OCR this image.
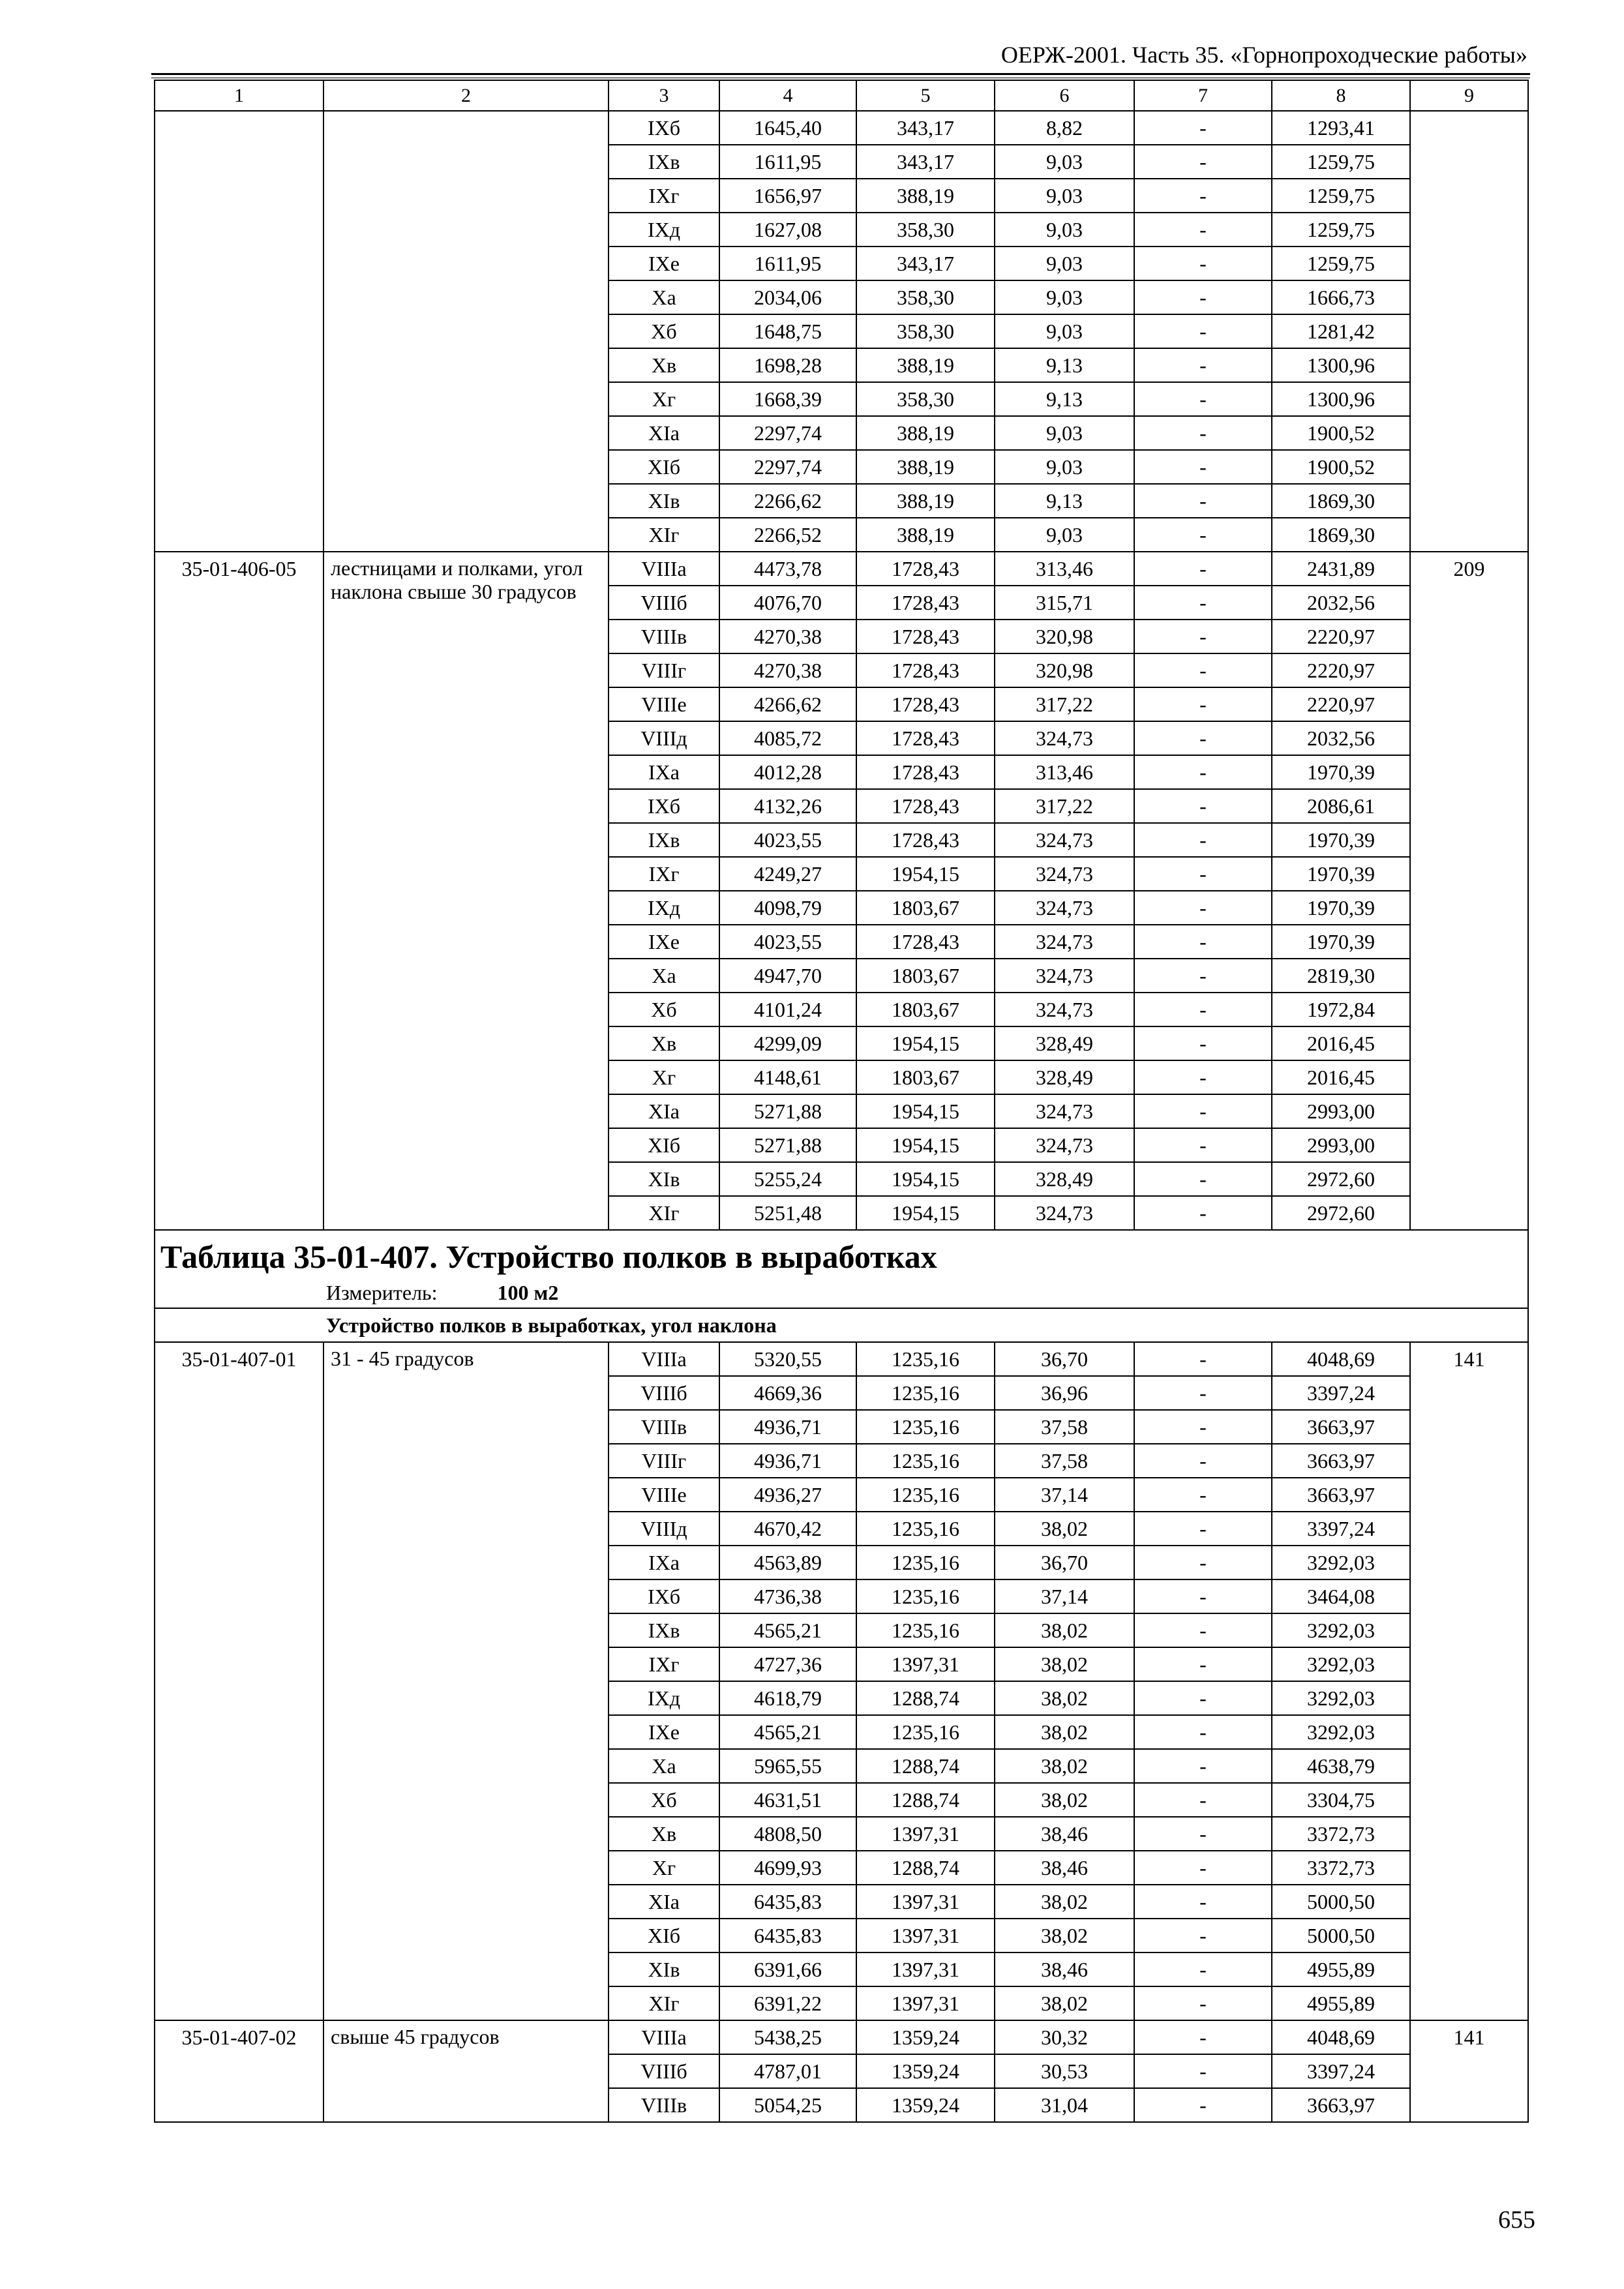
ОЕРЖ-2001. Часть 35. «Горнопроходческие работы»
1	2	3	4	5	6	7	8	9
		IXб	1645,40	343,17	8,82	-	1293,41	
		IXв	1611,95	343,17	9,03	-	1259,75	
		IXг	1656,97	388,19	9,03	-	1259,75	
		IXд	1627,08	358,30	9,03	-	1259,75	
		IXе	1611,95	343,17	9,03	-	1259,75	
		Xа	2034,06	358,30	9,03	-	1666,73	
		Xб	1648,75	358,30	9,03	-	1281,42	
		Xв	1698,28	388,19	9,13	-	1300,96	
		Xг	1668,39	358,30	9,13	-	1300,96	
		XIа	2297,74	388,19	9,03	-	1900,52	
		XIб	2297,74	388,19	9,03	-	1900,52	
		XIв	2266,62	388,19	9,13	-	1869,30	
		XIг	2266,52	388,19	9,03	-	1869,30	
35-01-406-05	лестницами и полками, угол наклона свыше 30 градусов	VIIIа	4473,78	1728,43	313,46	-	2431,89	209
		VIIIб	4076,70	1728,43	315,71	-	2032,56	
		VIIIв	4270,38	1728,43	320,98	-	2220,97	
		VIIIг	4270,38	1728,43	320,98	-	2220,97	
		VIIIе	4266,62	1728,43	317,22	-	2220,97	
		VIIIд	4085,72	1728,43	324,73	-	2032,56	
		IXа	4012,28	1728,43	313,46	-	1970,39	
		IXб	4132,26	1728,43	317,22	-	2086,61	
		IXв	4023,55	1728,43	324,73	-	1970,39	
		IXг	4249,27	1954,15	324,73	-	1970,39	
		IXд	4098,79	1803,67	324,73	-	1970,39	
		IXе	4023,55	1728,43	324,73	-	1970,39	
		Xа	4947,70	1803,67	324,73	-	2819,30	
		Xб	4101,24	1803,67	324,73	-	1972,84	
		Xв	4299,09	1954,15	328,49	-	2016,45	
		Xг	4148,61	1803,67	328,49	-	2016,45	
		XIа	5271,88	1954,15	324,73	-	2993,00	
		XIб	5271,88	1954,15	324,73	-	2993,00	
		XIв	5255,24	1954,15	328,49	-	2972,60	
		XIг	5251,48	1954,15	324,73	-	2972,60	

Таблица 35-01-407. Устройство полков в выработках
Измеритель: 100 м2								

Устройство полков в выработках, угол наклона								
35-01-407-01	31 - 45 градусов	VIIIа	5320,55	1235,16	36,70	-	4048,69	141
		VIIIб	4669,36	1235,16	36,96	-	3397,24	
		VIIIв	4936,71	1235,16	37,58	-	3663,97	
		VIIIг	4936,71	1235,16	37,58	-	3663,97	
		VIIIе	4936,27	1235,16	37,14	-	3663,97	
		VIIIд	4670,42	1235,16	38,02	-	3397,24	
		IXа	4563,89	1235,16	36,70	-	3292,03	
		IXб	4736,38	1235,16	37,14	-	3464,08	
		IXв	4565,21	1235,16	38,02	-	3292,03	
		IXг	4727,36	1397,31	38,02	-	3292,03	
		IXд	4618,79	1288,74	38,02	-	3292,03	
		IXе	4565,21	1235,16	38,02	-	3292,03	
		Xа	5965,55	1288,74	38,02	-	4638,79	
		Xб	4631,51	1288,74	38,02	-	3304,75	
		Xв	4808,50	1397,31	38,46	-	3372,73	
		Xг	4699,93	1288,74	38,46	-	3372,73	
		XIа	6435,83	1397,31	38,02	-	5000,50	
		XIб	6435,83	1397,31	38,02	-	5000,50	
		XIв	6391,66	1397,31	38,46	-	4955,89	
		XIг	6391,22	1397,31	38,02	-	4955,89	
35-01-407-02	свыше 45 градусов	VIIIа	5438,25	1359,24	30,32	-	4048,69	141
		VIIIб	4787,01	1359,24	30,53	-	3397,24	
		VIIIв	5054,25	1359,24	31,04	-	3663,97	
655
